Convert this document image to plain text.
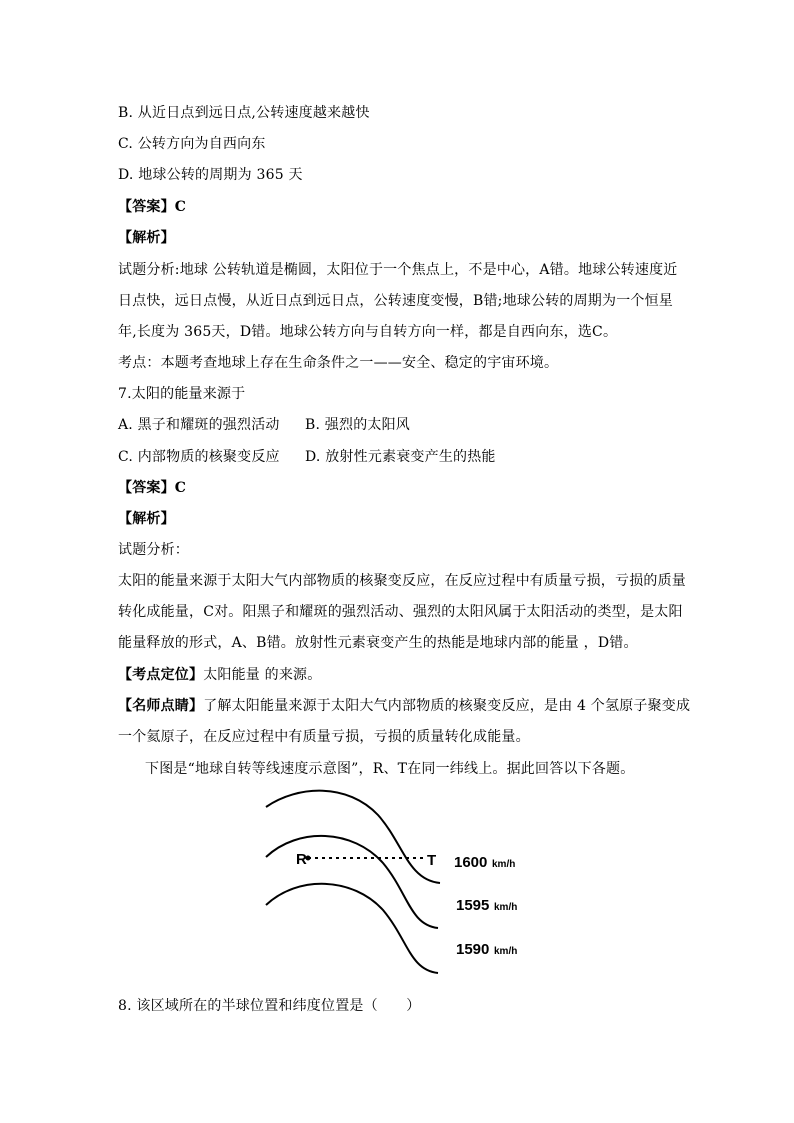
B. 从近日点到远日点,公转速度越来越快
C. 公转方向为自西向东
D. 地球公转的周期为 365 天
【答案】C
【解析】
试题分析:地球 公转轨道是椭圆，太阳位于一个焦点上，不是中心，A错。地球公转速度近
日点快，远日点慢，从近日点到远日点，公转速度变慢，B错;地球公转的周期为一个恒星
年,长度为 365天，D错。地球公转方向与自转方向一样，都是自西向东，选C。
考点：本题考查地球上存在生命条件之一——安全、稳定的宇宙环境。
7.太阳的能量来源于
A. 黑子和耀斑的强烈活动 B. 强烈的太阳风
C. 内部物质的核聚变反应 D. 放射性元素衰变产生的热能
【答案】C
【解析】
试题分析：
太阳的能量来源于太阳大气内部物质的核聚变反应，在反应过程中有质量亏损，亏损的质量
转化成能量，C对。阳黑子和耀斑的强烈活动、强烈的太阳风属于太阳活动的类型，是太阳
能量释放的形式，A、B错。放射性元素衰变产生的热能是地球内部的能量 ，D错。
【考点定位】太阳能量 的来源。
【名师点睛】了解太阳能量来源于太阳大气内部物质的核聚变反应，是由 4 个氢原子聚变成
一个氦原子，在反应过程中有质量亏损，亏损的质量转化成能量。
下图是“地球自转等线速度示意图”，R、T在同一纬线上。据此回答以下各题。
R	T 1600 km/h
1595 km/h
1590 km/h
8. 该区域所在的半球位置和纬度位置是（　　）
